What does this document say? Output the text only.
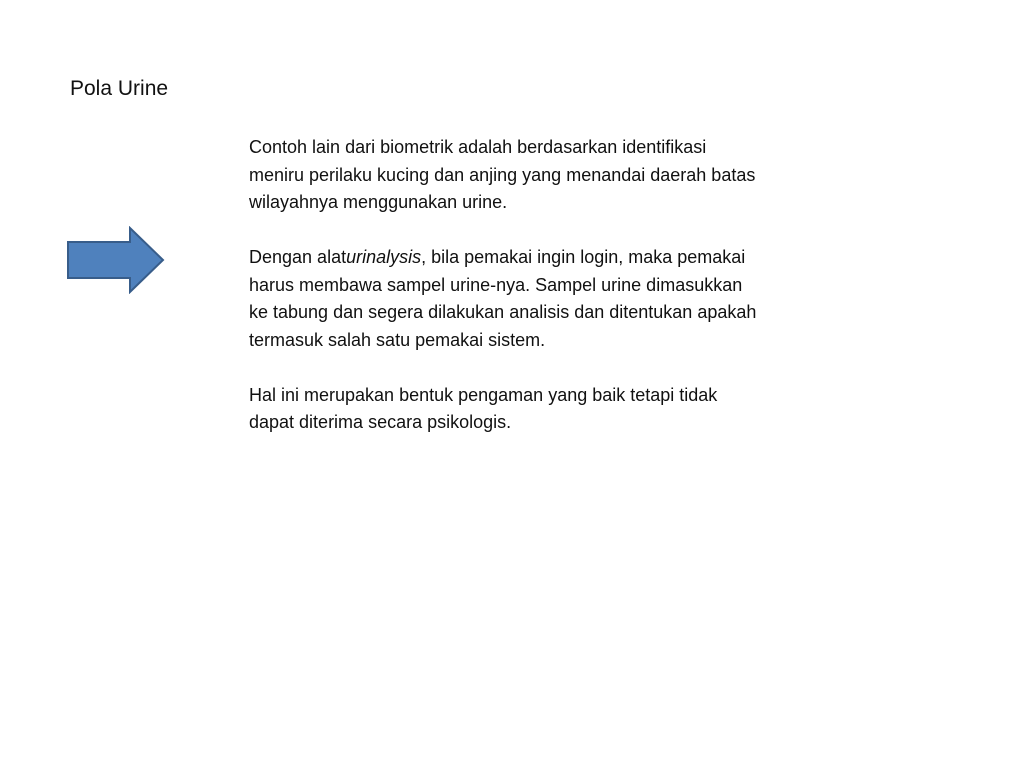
Pola Urine

Contoh lain dari biometrik adalah berdasarkan identifikasi
meniru perilaku kucing dan anjing yang menandai daerah batas
wilayahnya menggunakan urine.

Dengan alaturinalysis, bila pemakai ingin login, maka pemakai
harus membawa sampel urine-nya. Sampel urine dimasukkan
ke tabung dan segera dilakukan analisis dan ditentukan apakah
termasuk salah satu pemakai sistem.

Hal ini merupakan bentuk pengaman yang baik tetapi tidak
dapat diterima secara psikologis.
